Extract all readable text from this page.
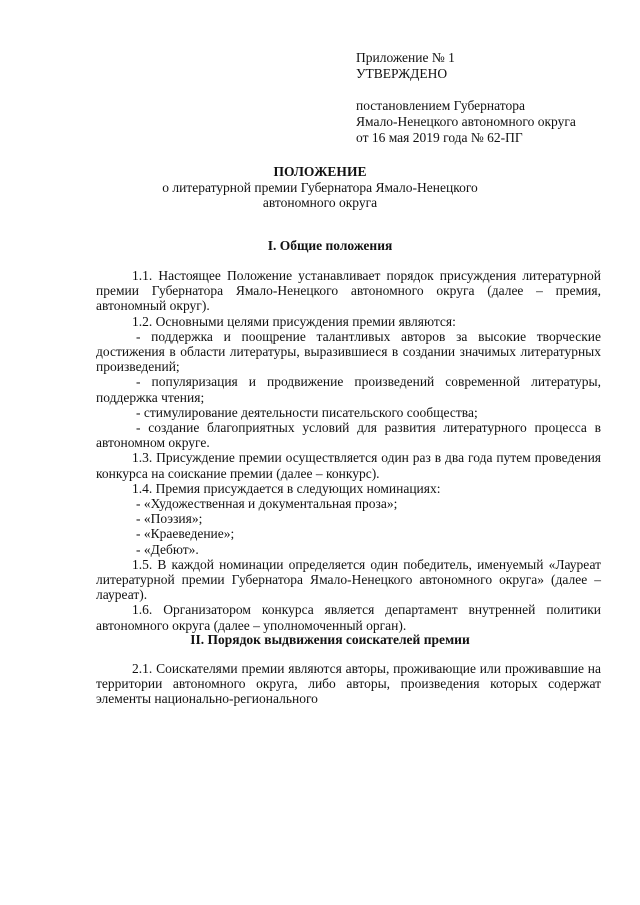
Приложение № 1
УТВЕРЖДЕНО
постановлением Губернатора
Ямало-Ненецкого автономного округа
от 16 мая 2019 года № 62-ПГ
ПОЛОЖЕНИЕ
о литературной премии Губернатора Ямало-Ненецкого
автономного округа
I. Общие положения

1.1. Настоящее Положение устанавливает порядок присуждения литературной премии Губернатора Ямало-Ненецкого автономного округа (далее – премия, автономный округ).

1.2. Основными целями присуждения премии являются:

- поддержка и поощрение талантливых авторов за высокие творческие достижения в области литературы, выразившиеся в создании значимых литературных произведений;

- популяризация и продвижение произведений современной литературы, поддержка чтения;

- стимулирование деятельности писательского сообщества;

- создание благоприятных условий для развития литературного процесса в автономном округе.

1.3. Присуждение премии осуществляется один раз в два года путем проведения конкурса на соискание премии (далее – конкурс).

1.4. Премия присуждается в следующих номинациях:

- «Художественная и документальная проза»;

- «Поэзия»;

- «Краеведение»;

- «Дебют».

1.5. В каждой номинации определяется один победитель, именуемый «Лауреат литературной премии Губернатора Ямало-Ненецкого автономного округа» (далее – лауреат).

1.6. Организатором конкурса является департамент внутренней политики автономного округа (далее – уполномоченный орган).

II. Порядок выдвижения соискателей премии

2.1. Соискателями премии являются авторы, проживающие или проживавшие на территории автономного округа, либо авторы, произведения которых содержат элементы национально-регионального
